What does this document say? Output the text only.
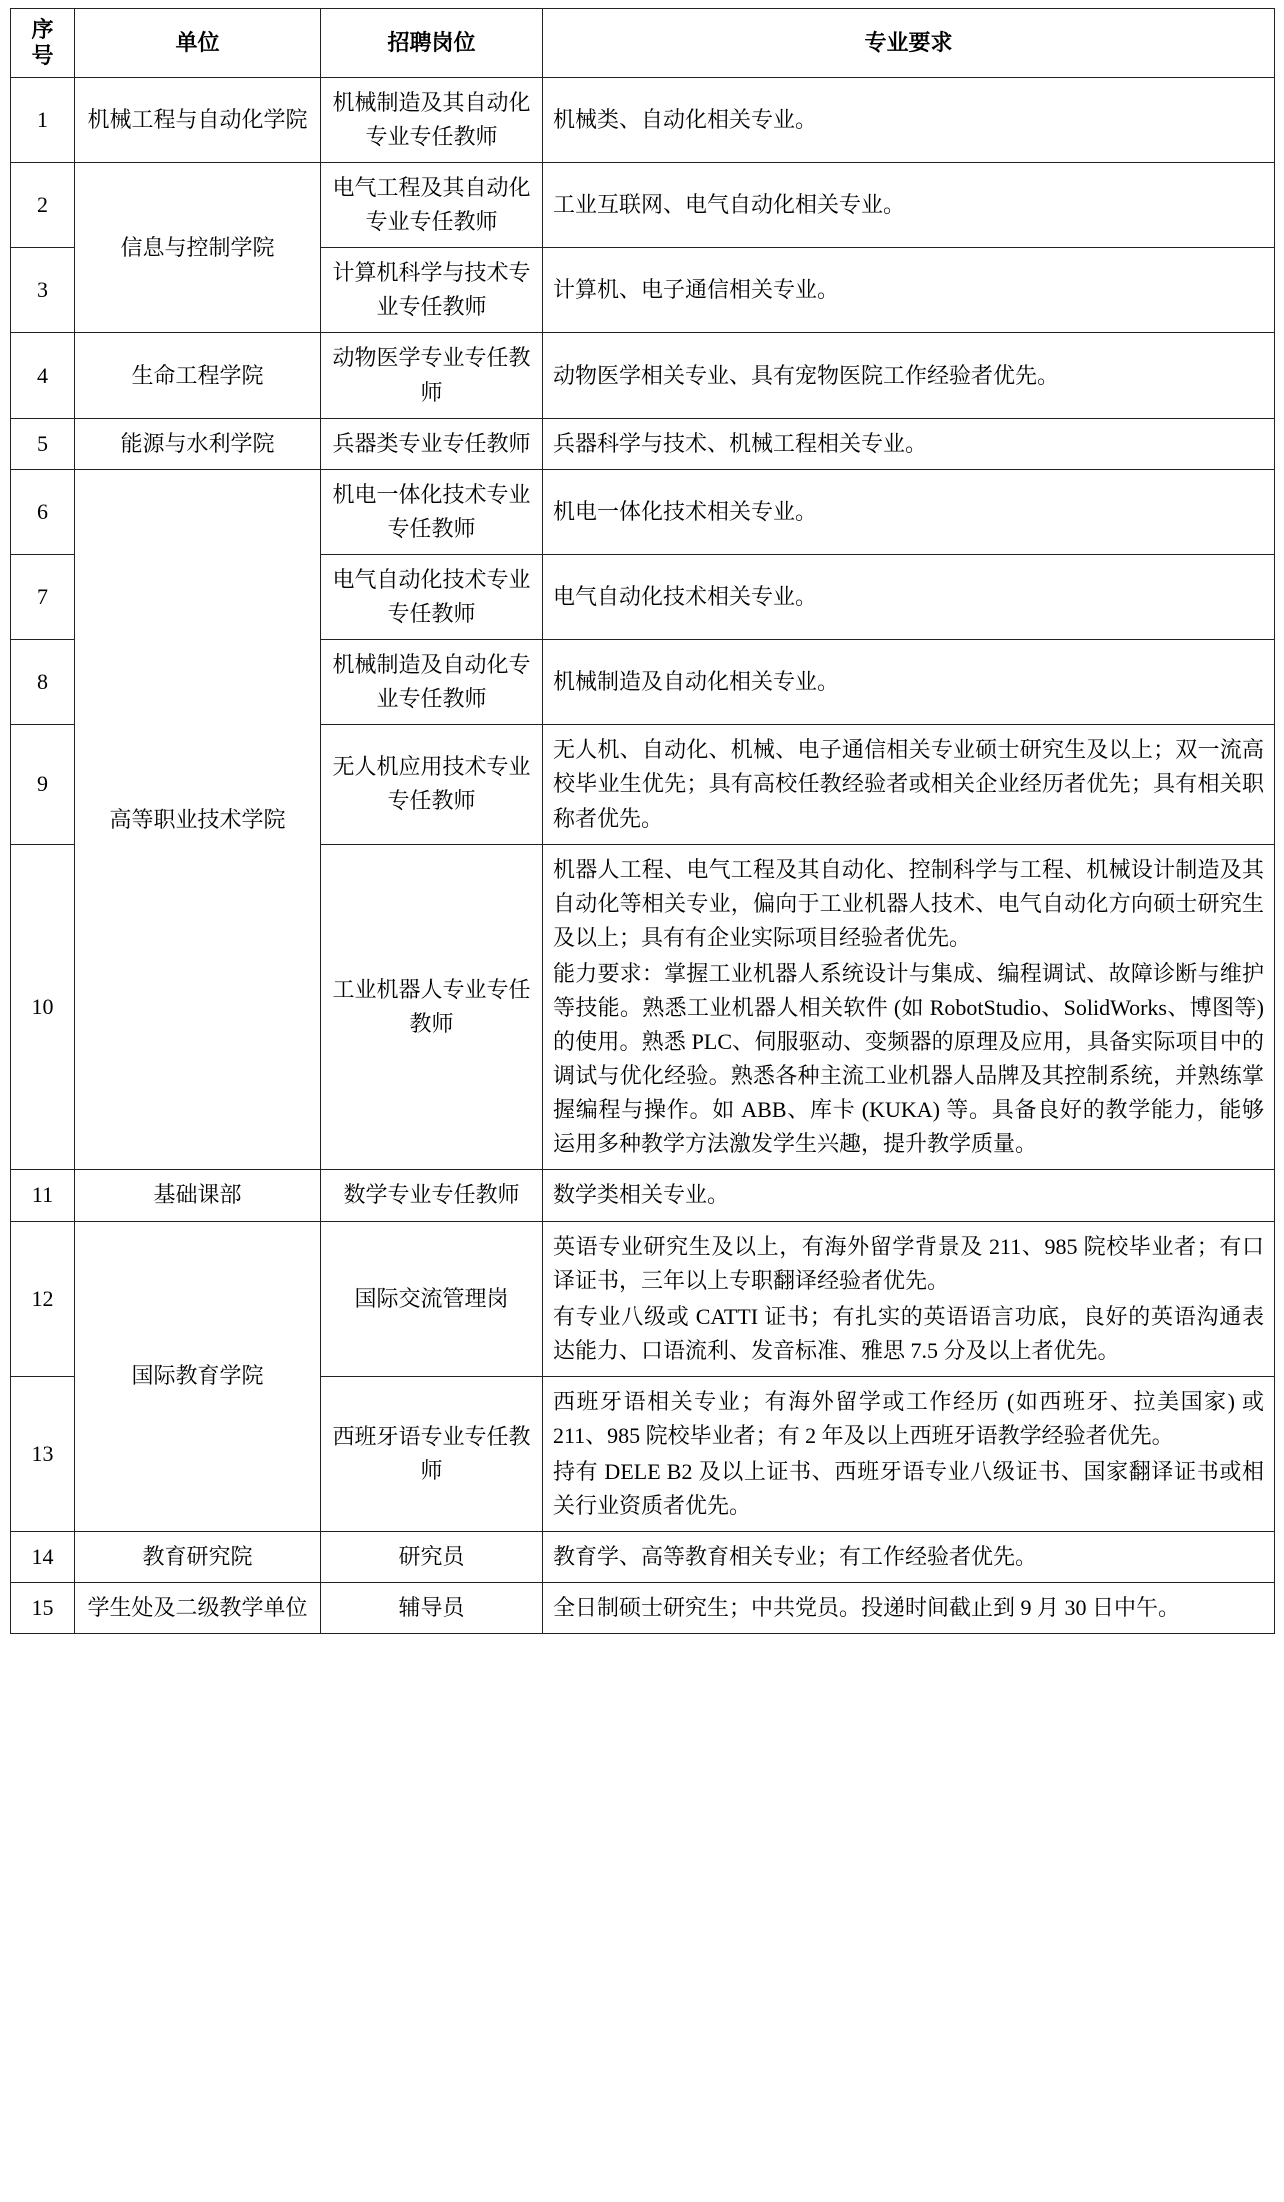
序
号	单位	招聘岗位	专业要求
1	机械工程与自动化学院	机械制造及其自动化专业专任教师	机械类、自动化相关专业。

2	信息与控制学院	电气工程及其自动化专业专任教师	工业互联网、电气自动化相关专业。

3		计算机科学与技术专业专任教师	计算机、电子通信相关专业。

4	生命工程学院	动物医学专业专任教师	动物医学相关专业、具有宠物医院工作经验者优先。

5	能源与水利学院	兵器类专业专任教师	兵器科学与技术、机械工程相关专业。

6	高等职业技术学院	机电一体化技术专业专任教师	机电一体化技术相关专业。

7		电气自动化技术专业专任教师	电气自动化技术相关专业。

8		机械制造及自动化专业专任教师	机械制造及自动化相关专业。

9		无人机应用技术专业专任教师	无人机、自动化、机械、电子通信相关专业硕士研究生及以上；双一流高校毕业生优先；具有高校任教经验者或相关企业经历者优先；具有相关职称者优先。

10		工业机器人专业专任教师	机器人工程、电气工程及其自动化、控制科学与工程、机械设计制造及其自动化等相关专业，偏向于工业机器人技术、电气自动化方向硕士研究生及以上；具有有企业实际项目经验者优先。

能力要求：掌握工业机器人系统设计与集成、编程调试、故障诊断与维护等技能。熟悉工业机器人相关软件 (如 RobotStudio、SolidWorks、博图等) 的使用。熟悉 PLC、伺服驱动、变频器的原理及应用，具备实际项目中的调试与优化经验。熟悉各种主流工业机器人品牌及其控制系统，并熟练掌握编程与操作。如 ABB、库卡 (KUKA) 等。具备良好的教学能力，能够运用多种教学方法激发学生兴趣，提升教学质量。

11	基础课部	数学专业专任教师	数学类相关专业。

12	国际教育学院	国际交流管理岗	英语专业研究生及以上，有海外留学背景及 211、985 院校毕业者；有口译证书，三年以上专职翻译经验者优先。

有专业八级或 CATTI 证书；有扎实的英语语言功底，良好的英语沟通表达能力、口语流利、发音标准、雅思 7.5 分及以上者优先。

13		西班牙语专业专任教师	西班牙语相关专业；有海外留学或工作经历 (如西班牙、拉美国家) 或 211、985 院校毕业者；有 2 年及以上西班牙语教学经验者优先。

持有 DELE B2 及以上证书、西班牙语专业八级证书、国家翻译证书或相关行业资质者优先。

14	教育研究院	研究员	教育学、高等教育相关专业；有工作经验者优先。

15	学生处及二级教学单位	辅导员	全日制硕士研究生；中共党员。投递时间截止到 9 月 30 日中午。
